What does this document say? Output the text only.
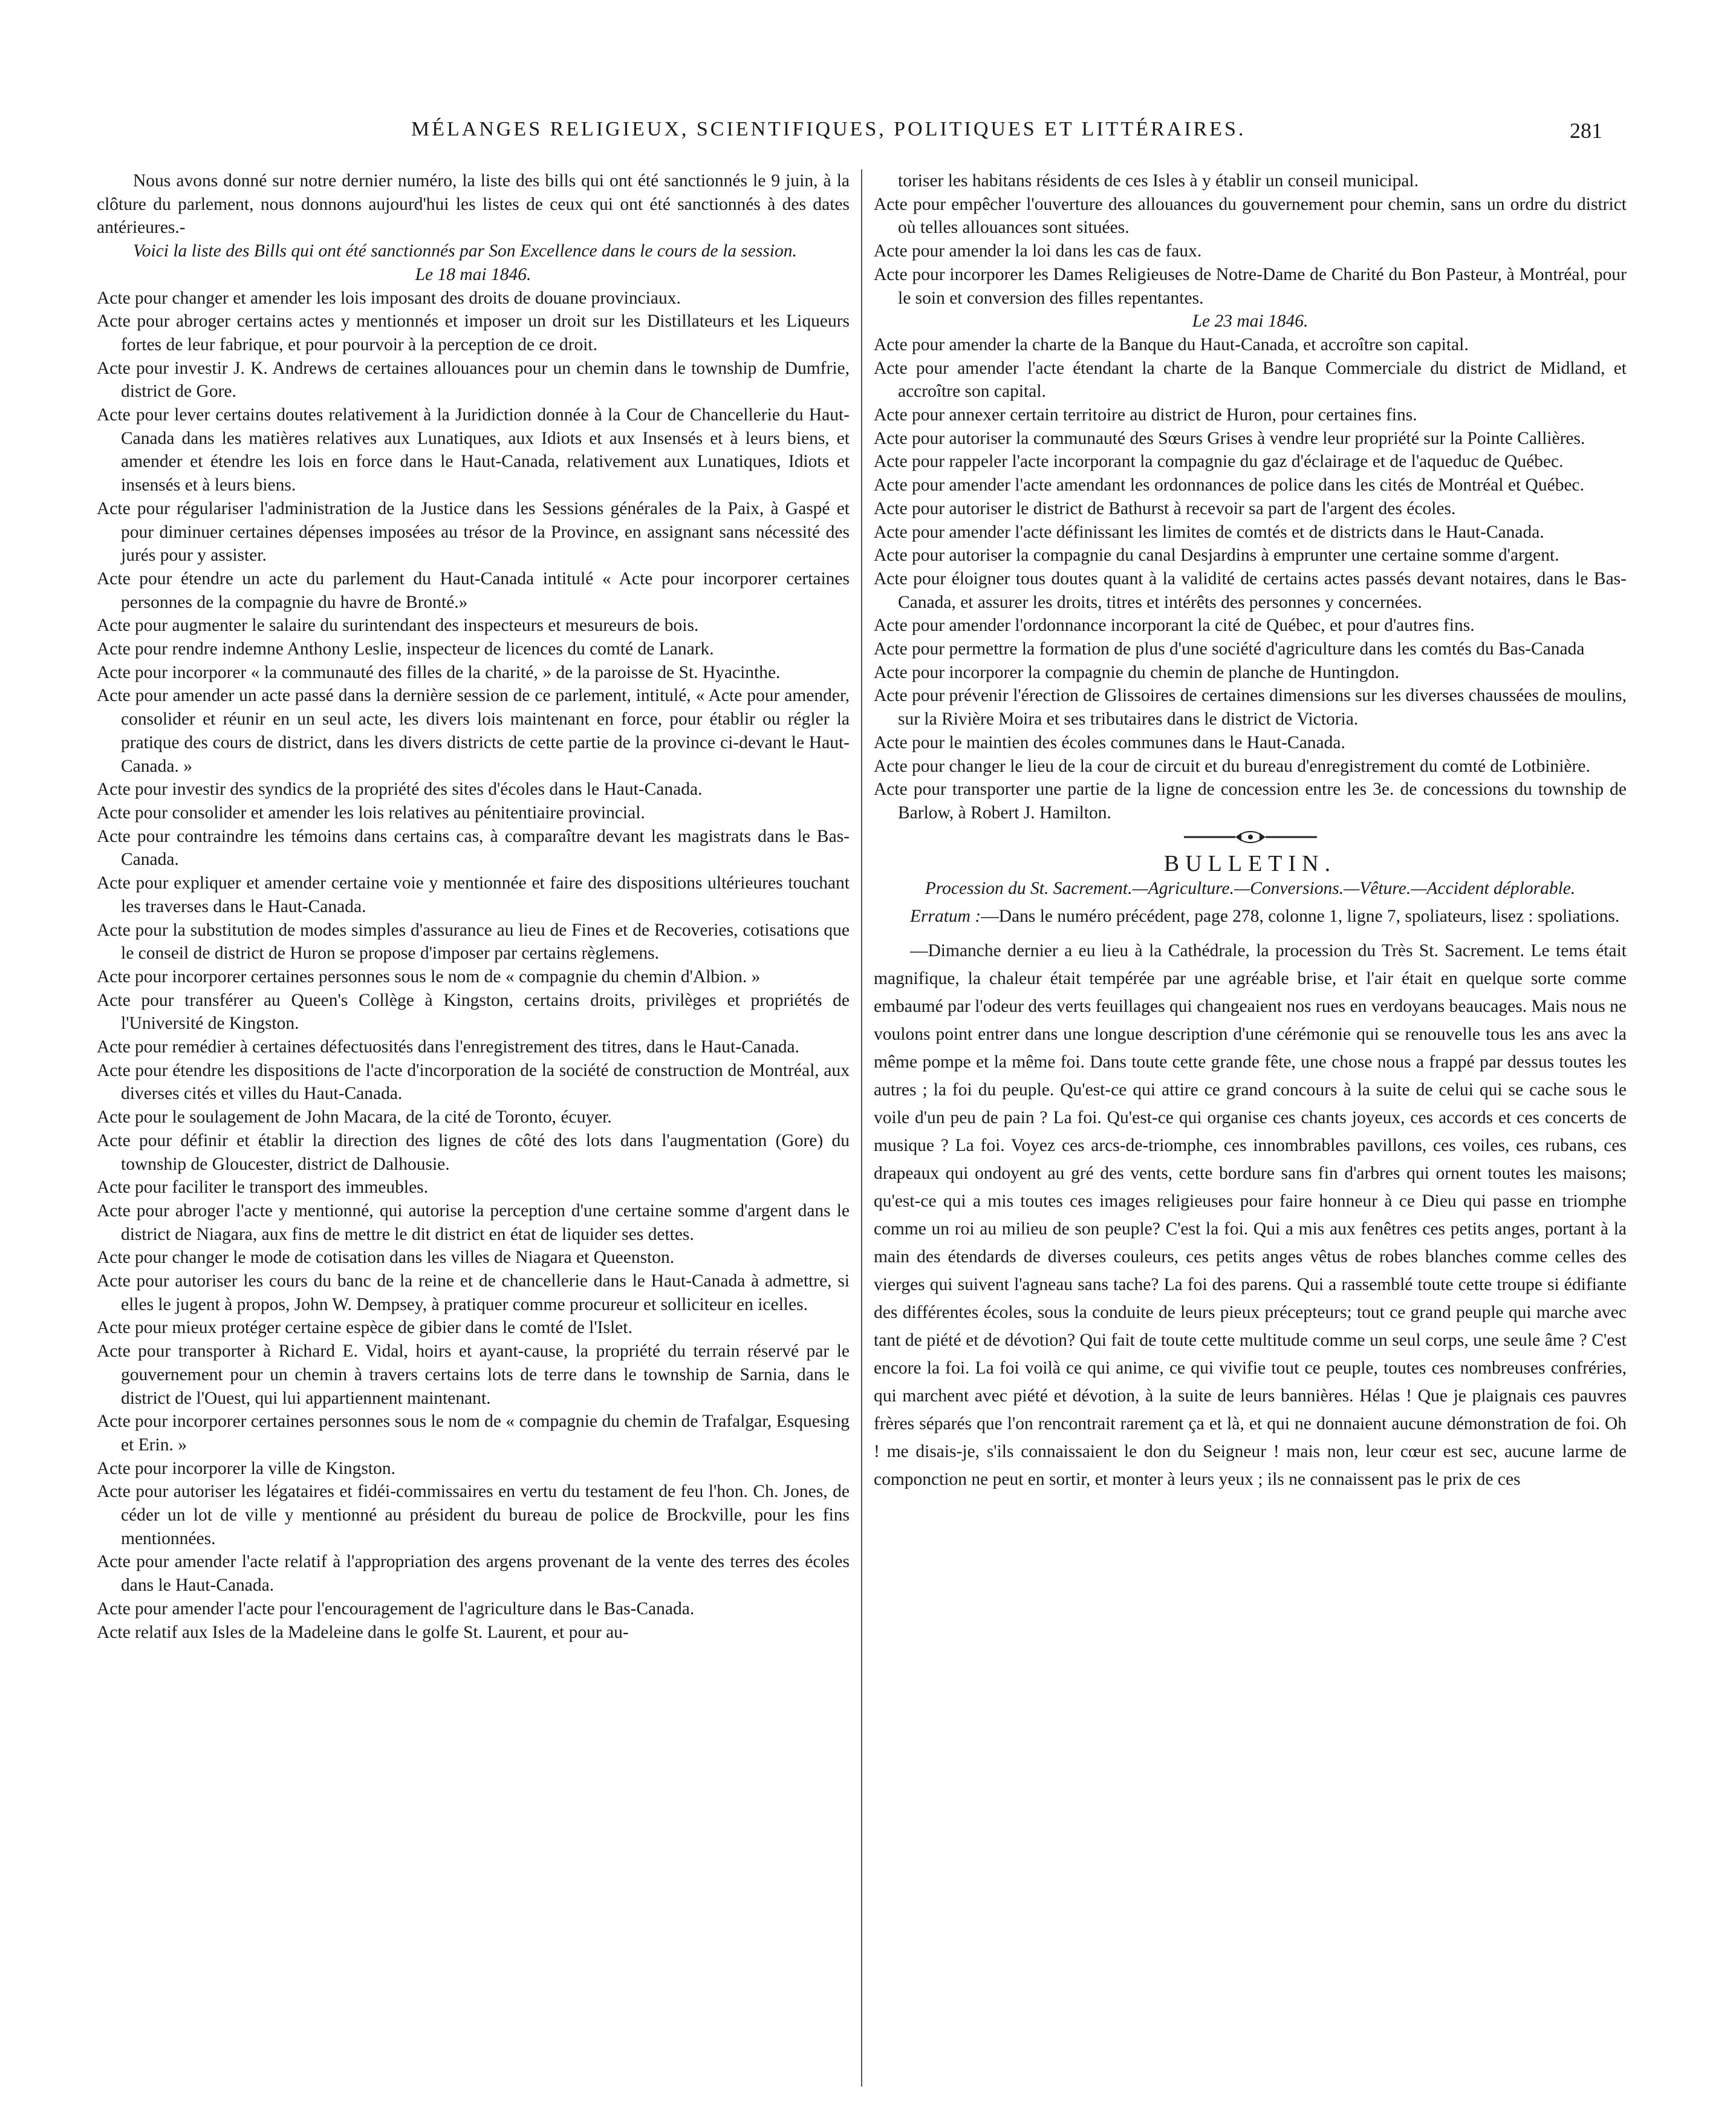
MÉLANGES RELIGIEUX, SCIENTIFIQUES, POLITIQUES ET LITTÉRAIRES.	281

Nous avons donné sur notre dernier numéro, la liste des bills qui ont été sanctionnés le 9 juin, à la clôture du parlement, nous donnons aujourd'hui les listes de ceux qui ont été sanctionnés à des dates antérieures.-

Voici la liste des Bills qui ont été sanctionnés par Son Excellence dans le cours de la session.

Le 18 mai 1846.

Acte pour changer et amender les lois imposant des droits de douane provinciaux.

Acte pour abroger certains actes y mentionnés et imposer un droit sur les Distillateurs et les Liqueurs fortes de leur fabrique, et pour pourvoir à la perception de ce droit.

Acte pour investir J. K. Andrews de certaines allouances pour un chemin dans le township de Dumfrie, district de Gore.

Acte pour lever certains doutes relativement à la Juridiction donnée à la Cour de Chancellerie du Haut-Canada dans les matières relatives aux Lunatiques, aux Idiots et aux Insensés et à leurs biens, et amender et étendre les lois en force dans le Haut-Canada, relativement aux Lunatiques, Idiots et insensés et à leurs biens.

Acte pour régulariser l'administration de la Justice dans les Sessions générales de la Paix, à Gaspé et pour diminuer certaines dépenses imposées au trésor de la Province, en assignant sans nécessité des jurés pour y assister.

Acte pour étendre un acte du parlement du Haut-Canada intitulé « Acte pour incorporer certaines personnes de la compagnie du havre de Bronté.»

Acte pour augmenter le salaire du surintendant des inspecteurs et mesureurs de bois.

Acte pour rendre indemne Anthony Leslie, inspecteur de licences du comté de Lanark.

Acte pour incorporer « la communauté des filles de la charité, » de la paroisse de St. Hyacinthe.

Acte pour amender un acte passé dans la dernière session de ce parlement, intitulé, « Acte pour amender, consolider et réunir en un seul acte, les divers lois maintenant en force, pour établir ou régler la pratique des cours de district, dans les divers districts de cette partie de la province ci-devant le Haut-Canada. »

Acte pour investir des syndics de la propriété des sites d'écoles dans le Haut-Canada.

Acte pour consolider et amender les lois relatives au pénitentiaire provincial.

Acte pour contraindre les témoins dans certains cas, à comparaître devant les magistrats dans le Bas-Canada.

Acte pour expliquer et amender certaine voie y mentionnée et faire des dispositions ultérieures touchant les traverses dans le Haut-Canada.

Acte pour la substitution de modes simples d'assurance au lieu de Fines et de Recoveries, cotisations que le conseil de district de Huron se propose d'imposer par certains règlemens.

Acte pour incorporer certaines personnes sous le nom de « compagnie du chemin d'Albion. »

Acte pour transférer au Queen's Collège à Kingston, certains droits, privilèges et propriétés de l'Université de Kingston.

Acte pour remédier à certaines défectuosités dans l'enregistrement des titres, dans le Haut-Canada.

Acte pour étendre les dispositions de l'acte d'incorporation de la société de construction de Montréal, aux diverses cités et villes du Haut-Canada.

Acte pour le soulagement de John Macara, de la cité de Toronto, écuyer.

Acte pour définir et établir la direction des lignes de côté des lots dans l'augmentation (Gore) du township de Gloucester, district de Dalhousie.

Acte pour faciliter le transport des immeubles.

Acte pour abroger l'acte y mentionné, qui autorise la perception d'une certaine somme d'argent dans le district de Niagara, aux fins de mettre le dit district en état de liquider ses dettes.

Acte pour changer le mode de cotisation dans les villes de Niagara et Queenston.

Acte pour autoriser les cours du banc de la reine et de chancellerie dans le Haut-Canada à admettre, si elles le jugent à propos, John W. Dempsey, à pratiquer comme procureur et solliciteur en icelles.

Acte pour mieux protéger certaine espèce de gibier dans le comté de l'Islet.

Acte pour transporter à Richard E. Vidal, hoirs et ayant-cause, la propriété du terrain réservé par le gouvernement pour un chemin à travers certains lots de terre dans le township de Sarnia, dans le district de l'Ouest, qui lui appartiennent maintenant.

Acte pour incorporer certaines personnes sous le nom de « compagnie du chemin de Trafalgar, Esquesing et Erin. »

Acte pour incorporer la ville de Kingston.

Acte pour autoriser les légataires et fidéi-commissaires en vertu du testament de feu l'hon. Ch. Jones, de céder un lot de ville y mentionné au président du bureau de police de Brockville, pour les fins mentionnées.

Acte pour amender l'acte relatif à l'appropriation des argens provenant de la vente des terres des écoles dans le Haut-Canada.

Acte pour amender l'acte pour l'encouragement de l'agriculture dans le Bas-Canada.

Acte relatif aux Isles de la Madeleine dans le golfe St. Laurent, et pour au-

toriser les habitans résidents de ces Isles à y établir un conseil municipal.

Acte pour empêcher l'ouverture des allouances du gouvernement pour chemin, sans un ordre du district où telles allouances sont situées.

Acte pour amender la loi dans les cas de faux.

Acte pour incorporer les Dames Religieuses de Notre-Dame de Charité du Bon Pasteur, à Montréal, pour le soin et conversion des filles repentantes.

Le 23 mai 1846.

Acte pour amender la charte de la Banque du Haut-Canada, et accroître son capital.

Acte pour amender l'acte étendant la charte de la Banque Commerciale du district de Midland, et accroître son capital.

Acte pour annexer certain territoire au district de Huron, pour certaines fins.

Acte pour autoriser la communauté des Sœurs Grises à vendre leur propriété sur la Pointe Callières.

Acte pour rappeler l'acte incorporant la compagnie du gaz d'éclairage et de l'aqueduc de Québec.

Acte pour amender l'acte amendant les ordonnances de police dans les cités de Montréal et Québec.

Acte pour autoriser le district de Bathurst à recevoir sa part de l'argent des écoles.

Acte pour amender l'acte définissant les limites de comtés et de districts dans le Haut-Canada.

Acte pour autoriser la compagnie du canal Desjardins à emprunter une certaine somme d'argent.

Acte pour éloigner tous doutes quant à la validité de certains actes passés devant notaires, dans le Bas-Canada, et assurer les droits, titres et intérêts des personnes y concernées.

Acte pour amender l'ordonnance incorporant la cité de Québec, et pour d'autres fins.

Acte pour permettre la formation de plus d'une société d'agriculture dans les comtés du Bas-Canada

Acte pour incorporer la compagnie du chemin de planche de Huntingdon.

Acte pour prévenir l'érection de Glissoires de certaines dimensions sur les diverses chaussées de moulins, sur la Rivière Moira et ses tributaires dans le district de Victoria.

Acte pour le maintien des écoles communes dans le Haut-Canada.

Acte pour changer le lieu de la cour de circuit et du bureau d'enregistrement du comté de Lotbinière.

Acte pour transporter une partie de la ligne de concession entre les 3e. de concessions du township de Barlow, à Robert J. Hamilton.

BULLETIN.

Procession du St. Sacrement.—Agriculture.—Conversions.—Vêture.—Accident déplorable.

Erratum :—Dans le numéro précédent, page 278, colonne 1, ligne 7, spoliateurs, lisez : spoliations.

—Dimanche dernier a eu lieu à la Cathédrale, la procession du Très St. Sacrement. Le tems était magnifique, la chaleur était tempérée par une agréable brise, et l'air était en quelque sorte comme embaumé par l'odeur des verts feuillages qui changeaient nos rues en verdoyans beaucages. Mais nous ne voulons point entrer dans une longue description d'une cérémonie qui se renouvelle tous les ans avec la même pompe et la même foi. Dans toute cette grande fête, une chose nous a frappé par dessus toutes les autres ; la foi du peuple. Qu'est-ce qui attire ce grand concours à la suite de celui qui se cache sous le voile d'un peu de pain ? La foi. Qu'est-ce qui organise ces chants joyeux, ces accords et ces concerts de musique ? La foi. Voyez ces arcs-de-triomphe, ces innombrables pavillons, ces voiles, ces rubans, ces drapeaux qui ondoyent au gré des vents, cette bordure sans fin d'arbres qui ornent toutes les maisons; qu'est-ce qui a mis toutes ces images religieuses pour faire honneur à ce Dieu qui passe en triomphe comme un roi au milieu de son peuple? C'est la foi. Qui a mis aux fenêtres ces petits anges, portant à la main des étendards de diverses couleurs, ces petits anges vêtus de robes blanches comme celles des vierges qui suivent l'agneau sans tache? La foi des parens. Qui a rassemblé toute cette troupe si édifiante des différentes écoles, sous la conduite de leurs pieux précepteurs; tout ce grand peuple qui marche avec tant de piété et de dévotion? Qui fait de toute cette multitude comme un seul corps, une seule âme ? C'est encore la foi. La foi voilà ce qui anime, ce qui vivifie tout ce peuple, toutes ces nombreuses confréries, qui marchent avec piété et dévotion, à la suite de leurs bannières. Hélas ! Que je plaignais ces pauvres frères séparés que l'on rencontrait rarement ça et là, et qui ne donnaient aucune démonstration de foi. Oh ! me disais-je, s'ils connaissaient le don du Seigneur ! mais non, leur cœur est sec, aucune larme de componction ne peut en sortir, et monter à leurs yeux ; ils ne connaissent pas le prix de ces
